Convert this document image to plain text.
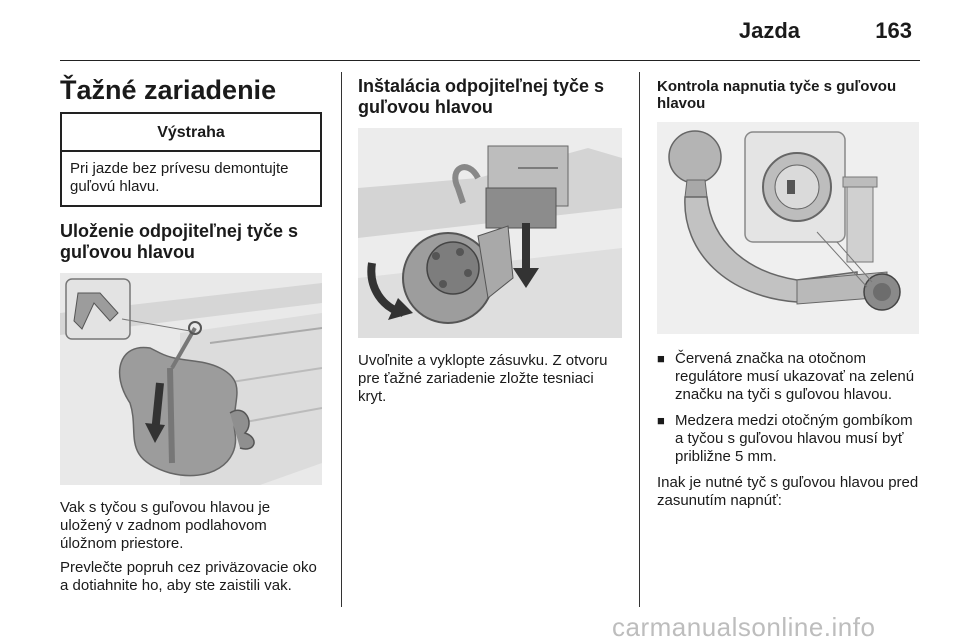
Jazda	163
Ťažné zariadenie
Výstraha
Pri jazde bez prívesu demontujte guľovú hlavu.
Uloženie odpojiteľnej tyče s guľovou hlavou
Vak s tyčou s guľovou hlavou je uložený v zadnom podlahovom úložnom priestore.
Prevlečte popruh cez priväzovacie oko a dotiahnite ho, aby ste zaistili vak.
Inštalácia odpojiteľnej tyče s guľovou hlavou
Uvoľnite a vyklopte zásuvku. Z otvoru pre ťažné zariadenie zložte tesniaci kryt.
Kontrola napnutia tyče s guľovou hlavou
■ Červená značka na otočnom regulátore musí ukazovať na zelenú značku na tyči s guľovou hlavou.
■ Medzera medzi otočným gombíkom a tyčou s guľovou hlavou musí byť približne 5 mm.
Inak je nutné tyč s guľovou hlavou pred zasunutím napnúť:
carmanualsonline.info
